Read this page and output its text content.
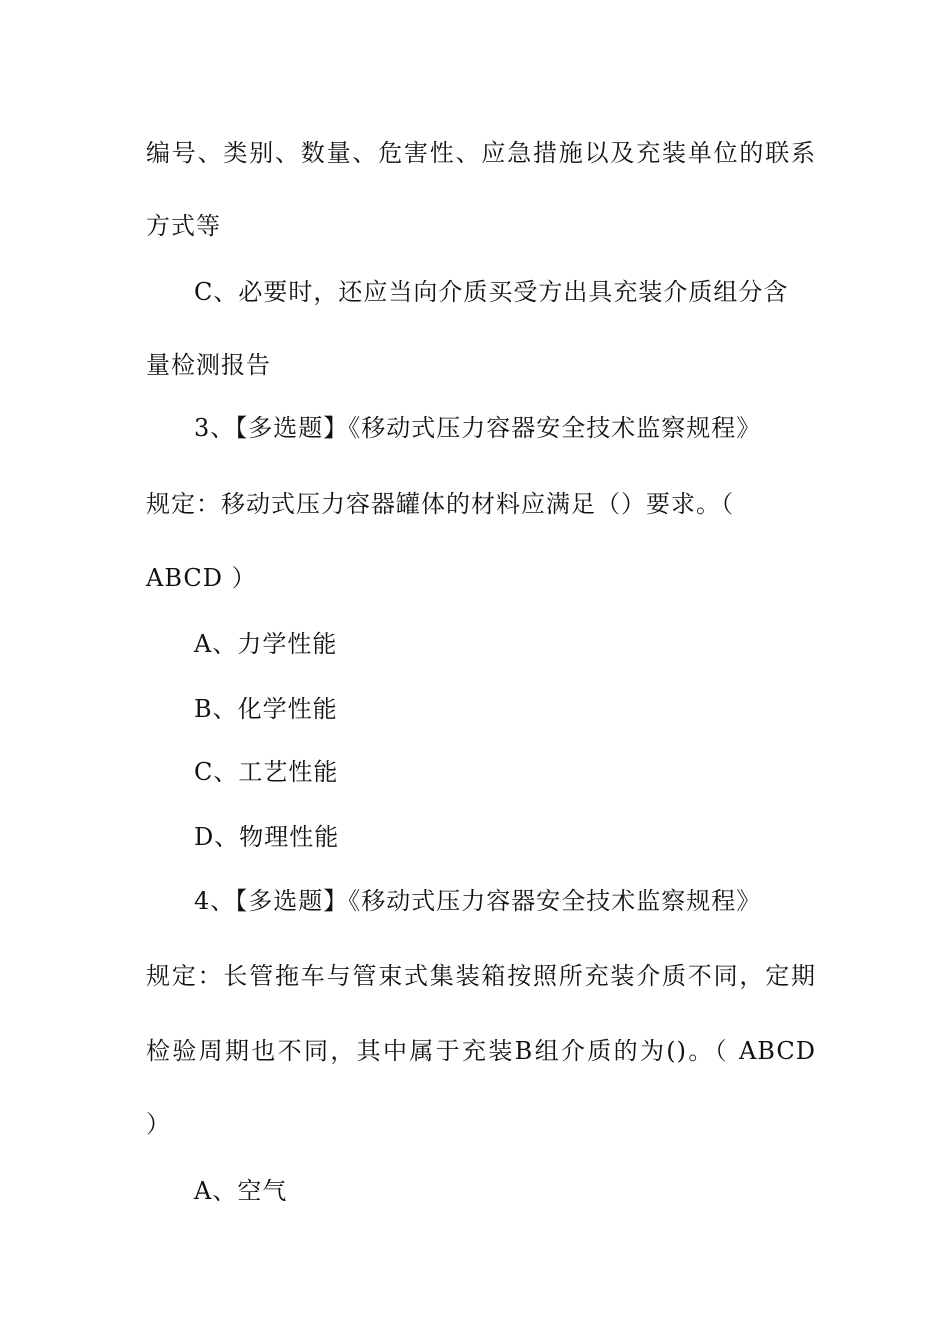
编号、类别、数量、危害性、应急措施以及充装单位的联系
方式等
C、必要时，还应当向介质买受方出具充装介质组分含
量检测报告
3、【多选题】《移动式压力容器安全技术监察规程》
规定：移动式压力容器罐体的材料应满足（）要求。（
ABCD ）
A、力学性能
B、化学性能
C、工艺性能
D、物理性能
4、【多选题】《移动式压力容器安全技术监察规程》
规定：长管拖车与管束式集装箱按照所充装介质不同，定期
检验周期也不同，其中属于充装B组介质的为()。（ ABCD
）
A、空气
